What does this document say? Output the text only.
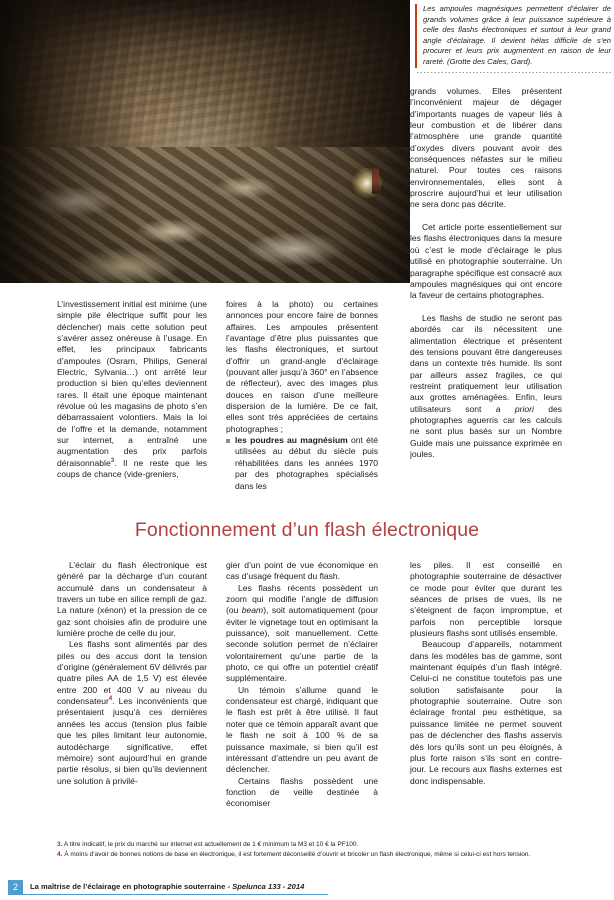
Les ampoules magnésiques permettent d’éclairer de grands volumes grâce à leur puissance supérieure à celle des flashs électroniques et surtout à leur grand angle d’éclairage. Il devient hélas difficile de s’en procurer et leurs prix augmentent en raison de leur rareté. (Grotte des Cales, Gard).

grands volumes. Elles présentent l’inconvénient majeur de dégager d’importants nuages de vapeur liés à leur combustion et de libérer dans l’atmosphère une grande quantité d’oxydes divers pouvant avoir des conséquences néfastes sur le milieu naturel. Pour toutes ces raisons environnementales, elles sont à proscrire aujourd’hui et leur utilisation ne sera donc pas décrite.

Cet article porte essentiellement sur les flashs électroniques dans la mesure où c’est le mode d’éclairage le plus utilisé en photographie souterraine. Un paragraphe spécifique est consacré aux ampoules magnésiques qui ont encore la faveur de certains photographes.

Les flashs de studio ne seront pas abordés car ils nécessitent une alimentation électrique et présentent des tensions pouvant être dangereuses dans un contexte très humide. Ils sont par ailleurs assez fragiles, ce qui restreint pratiquement leur utilisation aux grottes aménagées. Enfin, leurs utilisateurs sont a priori des photographes aguerris car les calculs ne sont plus basés sur un Nombre Guide mais une puissance exprimée en joules.

L’investissement initial est minime (une simple pile électrique suffit pour les déclencher) mais cette solution peut s’avérer assez onéreuse à l’usage. En effet, les principaux fabricants d’ampoules (Osram, Philips, General Electric, Sylvania…) ont arrêté leur production si bien qu’elles deviennent rares. Il était une époque maintenant révolue où les magasins de photo s’en débarrassaient volontiers. Mais la loi de l’offre et la demande, notamment sur internet, a entraîné une augmentation des prix parfois déraisonnable$^3$. Il ne reste que les coups de chance (vide-greniers,

foires à la photo) ou certaines annonces pour encore faire de bonnes affaires. Les ampoules présentent l’avantage d’être plus puissantes que les flashs électroniques, et surtout d’offrir un grand-angle d’éclairage (pouvant aller jusqu’à 360° en l’absence de réflecteur), avec des images plus douces en raison d’une meilleure dispersion de la lumière. De ce fait, elles sont très appréciées de certains photographes ;

les poudres au magnésium ont été utilisées au début du siècle puis réhabilitées dans les années 1970 par des photographes spécialisés dans les

Fonctionnement d’un flash électronique

L’éclair du flash électronique est généré par la décharge d’un courant accumulé dans un condensateur à travers un tube en silice rempli de gaz. La nature (xénon) et la pression de ce gaz sont choisies afin de produire une lumière proche de celle du jour.

Les flashs sont alimentés par des piles ou des accus dont la tension d’origine (généralement 6V délivrés par quatre piles AA de 1,5 V) est élevée entre 200 et 400 V au niveau du condensateur$^4$. Les inconvénients que présentaient jusqu’à ces dernières années les accus (tension plus faible que les piles limitant leur autonomie, autodécharge significative, effet mémoire) sont aujourd’hui en grande partie résolus, si bien qu’ils deviennent une solution à privilé-

gier d’un point de vue économique en cas d’usage fréquent du flash.

Les flashs récents possèdent un zoom qui modifie l’angle de diffusion (ou beam), soit automatiquement (pour éviter le vignetage tout en optimisant la puissance), soit manuellement. Cette seconde solution permet de n’éclairer volontairement qu’une partie de la photo, ce qui offre un potentiel créatif supplémentaire.

Un témoin s’allume quand le condensateur est chargé, indiquant que le flash est prêt à être utilisé. Il faut noter que ce témoin apparaît avant que le flash ne soit à 100 % de sa puissance maximale, si bien qu’il est intéressant d’attendre un peu avant de déclencher.

Certains flashs possèdent une fonction de veille destinée à économiser

les piles. Il est conseillé en photographie souterraine de désactiver ce mode pour éviter que durant les séances de prises de vues, ils ne s’éteignent de façon impromptue, et parfois non perceptible lorsque plusieurs flashs sont utilisés ensemble.

Beaucoup d’appareils, notamment dans les modèles bas de gamme, sont maintenant équipés d’un flash intégré. Celui-ci ne constitue toutefois pas une solution satisfaisante pour la photographie souterraine. Outre son éclairage frontal peu esthétique, sa puissance limitée ne permet souvent pas de déclencher des flashs asservis dès lors qu’ils sont un peu éloignés, à plus forte raison s’ils sont en contre-jour. Le recours aux flashs externes est donc indispensable.

3. A titre indicatif, le prix du marché sur internet est actuellement de 1 € minimum la M3 et 10 € la PF100.
4. À moins d’avoir de bonnes notions de base en électronique, il est fortement déconseillé d’ouvrir et bricoler un flash électronique, même si celui-ci est hors tension.
2	La maîtrise de l’éclairage en photographie souterraine - Spelunca 133 - 2014
